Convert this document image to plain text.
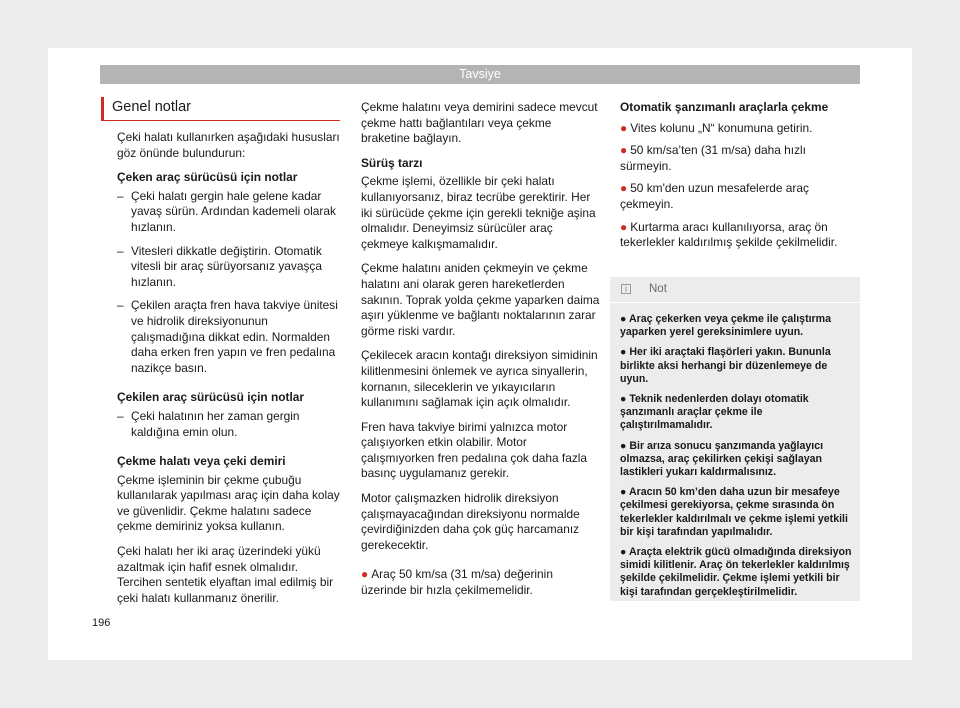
Tavsiye
Genel notlar

Çeki halatı kullanırken aşağıdaki hususları göz önünde bulundurun:

Çeken araç sürücüsü için notlar
– Çeki halatı gergin hale gelene kadar yavaş sürün. Ardından kademeli olarak hızlanın.
– Vitesleri dikkatle değiştirin. Otomatik vitesli bir araç sürüyorsanız yavaşça hızlanın.
– Çekilen araçta fren hava takviye ünitesi ve hidrolik direksiyonunun çalışmadığına dikkat edin. Normalden daha erken fren yapın ve fren pedalına nazikçe basın.
Çekilen araç sürücüsü için notlar
– Çeki halatının her zaman gergin kaldığına emin olun.
Çekme halatı veya çeki demiri

Çekme işleminin bir çekme çubuğu kullanılarak yapılması araç için daha kolay ve güvenlidir. Çekme halatını sadece çekme demiriniz yoksa kullanın.

Çeki halatı her iki araç üzerindeki yükü azaltmak için hafif esnek olmalıdır. Tercihen sentetik elyaftan imal edilmiş bir çeki halatı kullanmanız önerilir.

Çekme halatını veya demirini sadece mevcut çekme hattı bağlantıları veya çekme braketine bağlayın.

Sürüş tarzı

Çekme işlemi, özellikle bir çeki halatı kullanıyorsanız, biraz tecrübe gerektirir. Her iki sürücüde çekme için gerekli tekniğe aşina olmalıdır. Deneyimsiz sürücüler araç çekmeye kalkışmamalıdır.

Çekme halatını aniden çekmeyin ve çekme halatını ani olarak geren hareketlerden sakının. Toprak yolda çekme yaparken daima aşırı yüklenme ve bağlantı noktalarının zarar görme riski vardır.

Çekilecek aracın kontağı direksiyon simidinin kilitlenmesini önlemek ve ayrıca sinyallerin, kornanın, sileceklerin ve yıkayıcıların kullanımını sağlamak için açık olmalıdır.

Fren hava takviye birimi yalnızca motor çalışıyorken etkin olabilir. Motor çalışmıyorken fren pedalına çok daha fazla basınç uygulamanız gerekir.

Motor çalışmazken hidrolik direksiyon çalışmayacağından direksiyonu normalde çevirdiğinizden daha çok güç harcamanız gerekecektir.

● Araç 50 km/sa (31 m/sa) değerinin üzerinde bir hızla çekilmemelidir.
Otomatik şanzımanlı araçlarla çekme
● Vites kolunu „N“ konumuna getirin.
● 50 km/sa’ten (31 m/sa) daha hızlı sürmeyin.
● 50 km'den uzun mesafelerde araç çekmeyin.
● Kurtarma aracı kullanılıyorsa, araç ön tekerlekler kaldırılmış şekilde çekilmelidir.
i	Not
● Araç çekerken veya çekme ile çalıştırma yaparken yerel gereksinimlere uyun.
● Her iki araçtaki flaşörleri yakın. Bununla birlikte aksi herhangi bir düzenlemeye de uyun.
● Teknik nedenlerden dolayı otomatik şanzımanlı araçlar çekme ile çalıştırılmamalıdır.
● Bir arıza sonucu şanzımanda yağlayıcı olmazsa, araç çekilirken çekişi sağlayan lastikleri yukarı kaldırmalısınız.
● Aracın 50 km’den daha uzun bir mesafeye çekilmesi gerekiyorsa, çekme sırasında ön tekerlekler kaldırılmalı ve çekme işlemi yetkili bir kişi tarafından yapılmalıdır.
● Araçta elektrik gücü olmadığında direksiyon simidi kilitlenir. Araç ön tekerlekler kaldırılmış şekilde çekilmelidir. Çekme işlemi yetkili bir kişi tarafından gerçekleştirilmelidir.
196
